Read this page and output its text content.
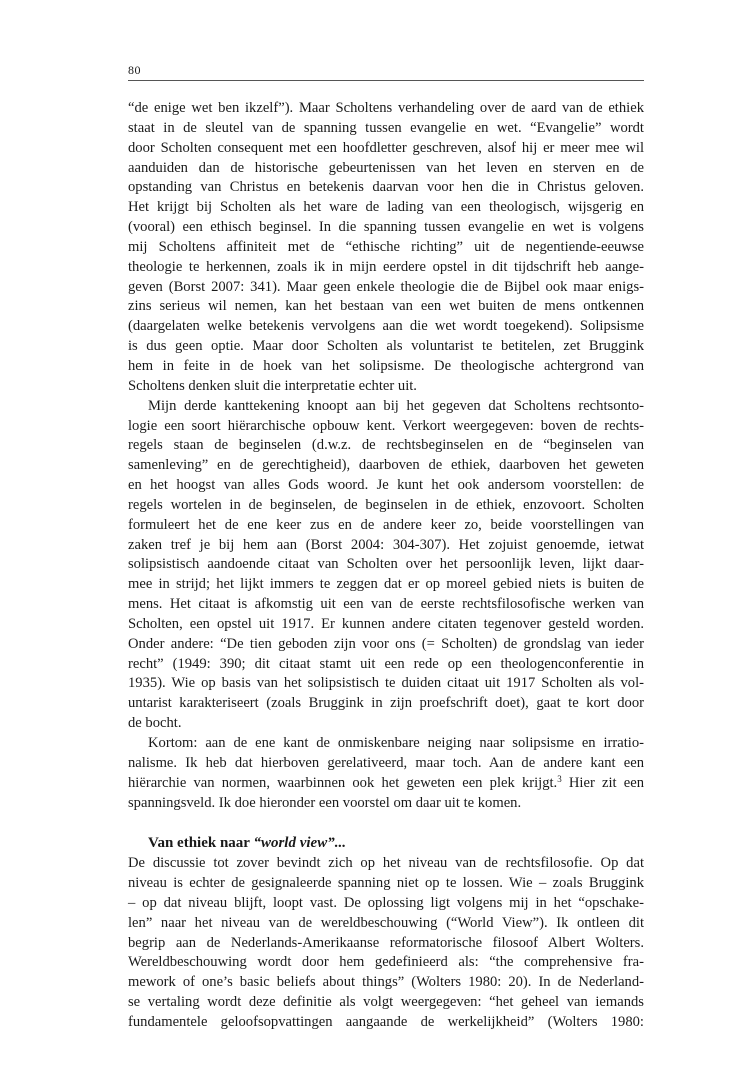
80
“de enige wet ben ikzelf”). Maar Scholtens verhandeling over de aard van de ethiek
staat in de sleutel van de spanning tussen evangelie en wet. “Evangelie” wordt
door Scholten consequent met een hoofdletter geschreven, alsof hij er meer mee wil
aanduiden dan de historische gebeurtenissen van het leven en sterven en de
opstanding van Christus en betekenis daarvan voor hen die in Christus geloven.
Het krijgt bij Scholten als het ware de lading van een theologisch, wijsgerig en
(vooral) een ethisch beginsel. In die spanning tussen evangelie en wet is volgens
mij Scholtens affiniteit met de “ethische richting” uit de negentiende-eeuwse
theologie te herkennen, zoals ik in mijn eerdere opstel in dit tijdschrift heb aange-
geven (Borst 2007: 341). Maar geen enkele theologie die de Bijbel ook maar enigs-
zins serieus wil nemen, kan het bestaan van een wet buiten de mens ontkennen
(daargelaten welke betekenis vervolgens aan die wet wordt toegekend). Solipsisme
is dus geen optie. Maar door Scholten als voluntarist te betitelen, zet Bruggink
hem in feite in de hoek van het solipsisme. De theologische achtergrond van
Scholtens denken sluit die interpretatie echter uit.
Mijn derde kanttekening knoopt aan bij het gegeven dat Scholtens rechtsonto-
logie een soort hiërarchische opbouw kent. Verkort weergegeven: boven de rechts-
regels staan de beginselen (d.w.z. de rechtsbeginselen en de “beginselen van
samenleving” en de gerechtigheid), daarboven de ethiek, daarboven het geweten
en het hoogst van alles Gods woord. Je kunt het ook andersom voorstellen: de
regels wortelen in de beginselen, de beginselen in de ethiek, enzovoort. Scholten
formuleert het de ene keer zus en de andere keer zo, beide voorstellingen van
zaken tref je bij hem aan (Borst 2004: 304-307). Het zojuist genoemde, ietwat
solipsistisch aandoende citaat van Scholten over het persoonlijk leven, lijkt daar-
mee in strijd; het lijkt immers te zeggen dat er op moreel gebied niets is buiten de
mens. Het citaat is afkomstig uit een van de eerste rechtsfilosofische werken van
Scholten, een opstel uit 1917. Er kunnen andere citaten tegenover gesteld worden.
Onder andere: “De tien geboden zijn voor ons (= Scholten) de grondslag van ieder
recht” (1949: 390; dit citaat stamt uit een rede op een theologenconferentie in
1935). Wie op basis van het solipsistisch te duiden citaat uit 1917 Scholten als vol-
untarist karakteriseert (zoals Bruggink in zijn proefschrift doet), gaat te kort door
de bocht.
Kortom: aan de ene kant de onmiskenbare neiging naar solipsisme en irratio-
nalisme. Ik heb dat hierboven gerelativeerd, maar toch. Aan de andere kant een
hiërarchie van normen, waarbinnen ook het geweten een plek krijgt.$^3$ Hier zit een
spanningsveld. Ik doe hieronder een voorstel om daar uit te komen.
Van ethiek naar “world view”...
De discussie tot zover bevindt zich op het niveau van de rechtsfilosofie. Op dat
niveau is echter de gesignaleerde spanning niet op te lossen. Wie – zoals Bruggink
– op dat niveau blijft, loopt vast. De oplossing ligt volgens mij in het “opschake-
len” naar het niveau van de wereldbeschouwing (“World View”). Ik ontleen dit
begrip aan de Nederlands-Amerikaanse reformatorische filosoof Albert Wolters.
Wereldbeschouwing wordt door hem gedefinieerd als: “the comprehensive fra-
mework of one’s basic beliefs about things” (Wolters 1980: 20). In de Nederland-
se vertaling wordt deze definitie als volgt weergegeven: “het geheel van iemands
fundamentele geloofsopvattingen aangaande de werkelijkheid” (Wolters 1980:
